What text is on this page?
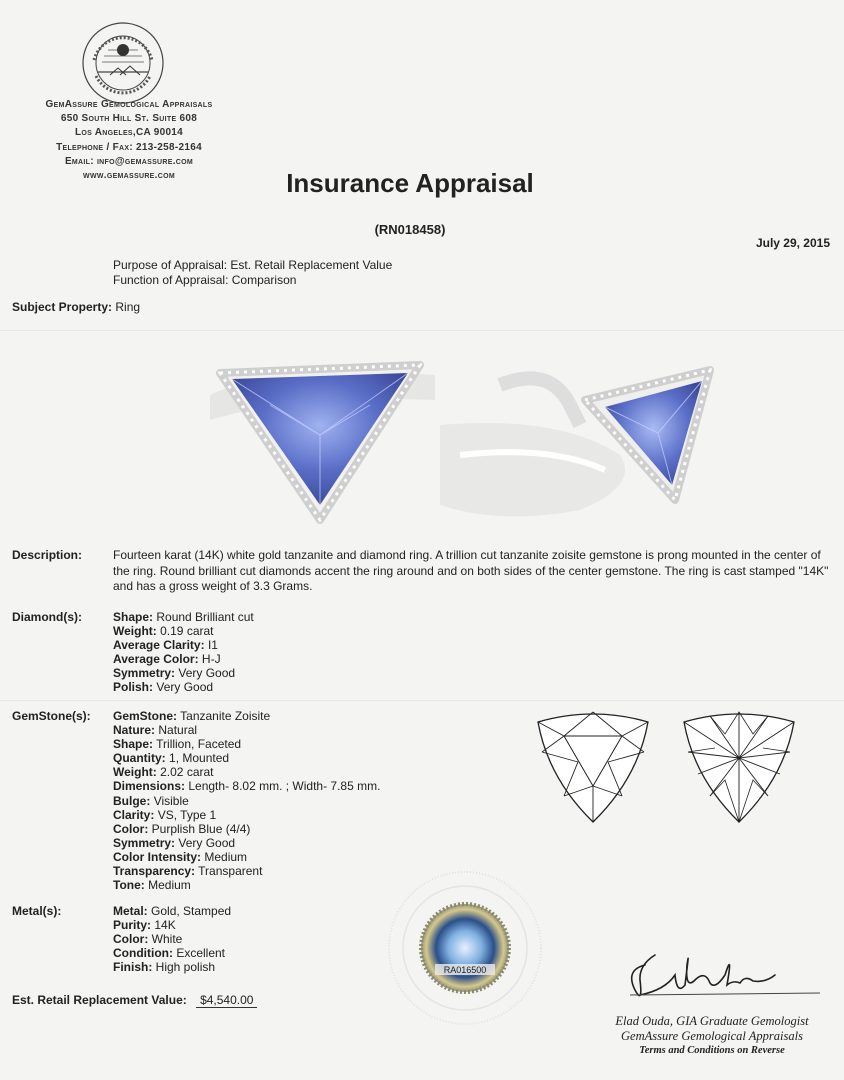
GemAssure Gemological Appraisals
650 South Hill St. Suite 608
Los Angeles,CA 90014
Telephone / Fax: 213-258-2164
Email: info@gemassure.com
www.gemassure.com	Insurance Appraisal
(RN018458)
July 29, 2015
Purpose of Appraisal: Est. Retail Replacement Value
Function of Appraisal: Comparison
Subject Property: Ring
Description:	Fourteen karat (14K) white gold tanzanite and diamond ring. A trillion cut tanzanite zoisite gemstone is prong mounted in the center of the ring. Round brilliant cut diamonds accent the ring around and on both sides of the center gemstone. The ring is cast stamped "14K" and has a gross weight of 3.3 Grams.
Diamond(s):	Shape: Round Brilliant cut
Weight: 0.19 carat
Average Clarity: I1
Average Color: H-J
Symmetry: Very Good
Polish: Very Good
GemStone(s): GemStone: Tanzanite Zoisite
Nature: Natural
Shape: Trillion, Faceted
Quantity: 1, Mounted
Weight: 2.02 carat
Dimensions: Length- 8.02 mm. ; Width- 7.85 mm.
Bulge: Visible
Clarity: VS, Type 1
Color: Purplish Blue (4/4)
Symmetry: Very Good
Color Intensity: Medium
Transparency: Transparent
Tone: Medium
Metal(s):	Metal: Gold, Stamped
Purity: 14K
Color: White
Condition: Excellent
Finish: High polish	RA016500
Est. Retail Replacement Value: $4,540.00
Elad Ouda, GIA Graduate Gemologist
GemAssure Gemological Appraisals
Terms and Conditions on Reverse
